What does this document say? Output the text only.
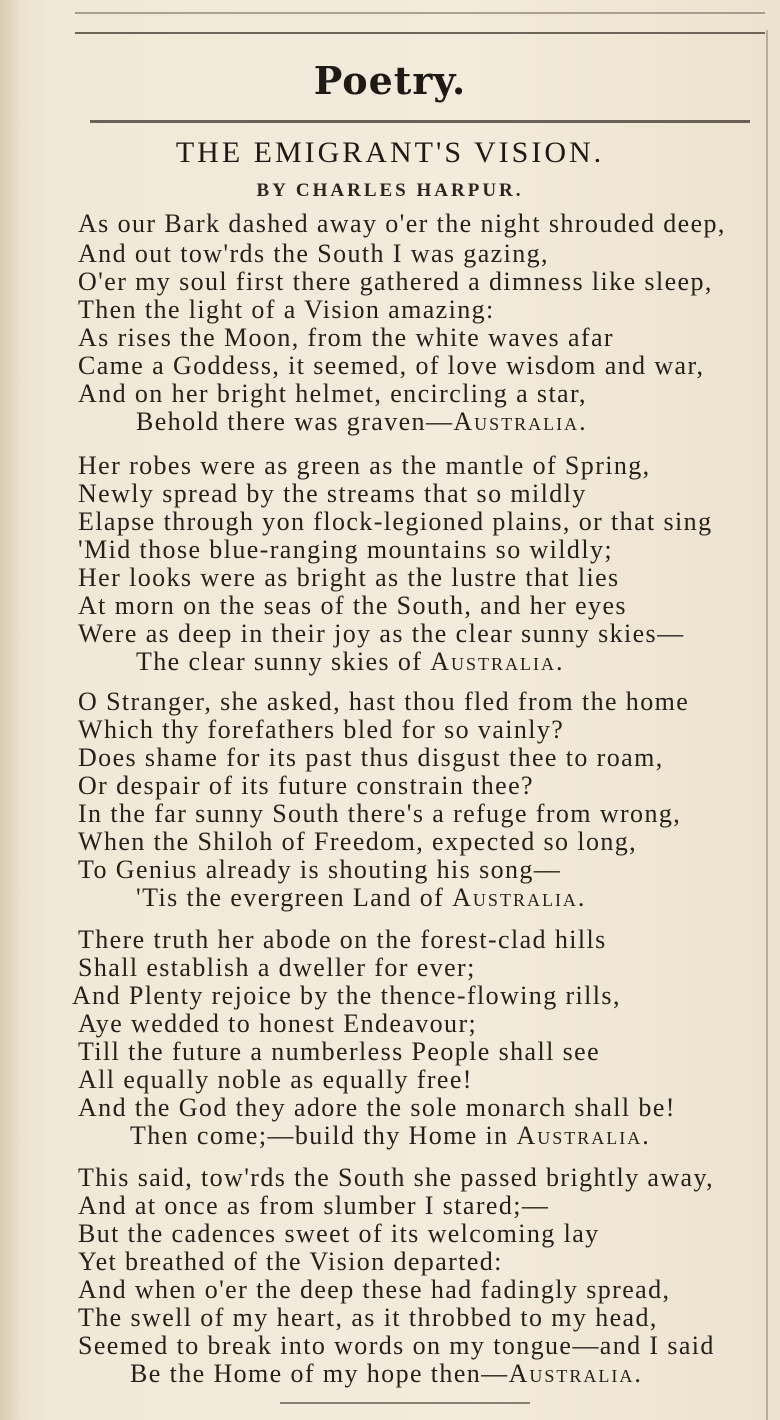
Poetry.
THE EMIGRANT'S VISION.
BY CHARLES HARPUR.
As our Bark dashed away o'er the night shrouded deep,
And out tow'rds the South I was gazing,
O'er my soul first there gathered a dimness like sleep,
Then the light of a Vision amazing:
As rises the Moon, from the white waves afar
Came a Goddess, it seemed, of love wisdom and war,
And on her bright helmet, encircling a star,
Behold there was graven—Australia.
Her robes were as green as the mantle of Spring,
Newly spread by the streams that so mildly
Elapse through yon flock-legioned plains, or that sing
'Mid those blue-ranging mountains so wildly;
Her looks were as bright as the lustre that lies
At morn on the seas of the South, and her eyes
Were as deep in their joy as the clear sunny skies—
The clear sunny skies of Australia.
O Stranger, she asked, hast thou fled from the home
Which thy forefathers bled for so vainly?
Does shame for its past thus disgust thee to roam,
Or despair of its future constrain thee?
In the far sunny South there's a refuge from wrong,
When the Shiloh of Freedom, expected so long,
To Genius already is shouting his song—
'Tis the evergreen Land of Australia.
There truth her abode on the forest-clad hills
Shall establish a dweller for ever;
And Plenty rejoice by the thence-flowing rills,
Aye wedded to honest Endeavour;
Till the future a numberless People shall see
All equally noble as equally free!
And the God they adore the sole monarch shall be!
Then come;—build thy Home in Australia.
This said, tow'rds the South she passed brightly away,
And at once as from slumber I stared;—
But the cadences sweet of its welcoming lay
Yet breathed of the Vision departed:
And when o'er the deep these had fadingly spread,
The swell of my heart, as it throbbed to my head,
Seemed to break into words on my tongue—and I said
Be the Home of my hope then—Australia.
